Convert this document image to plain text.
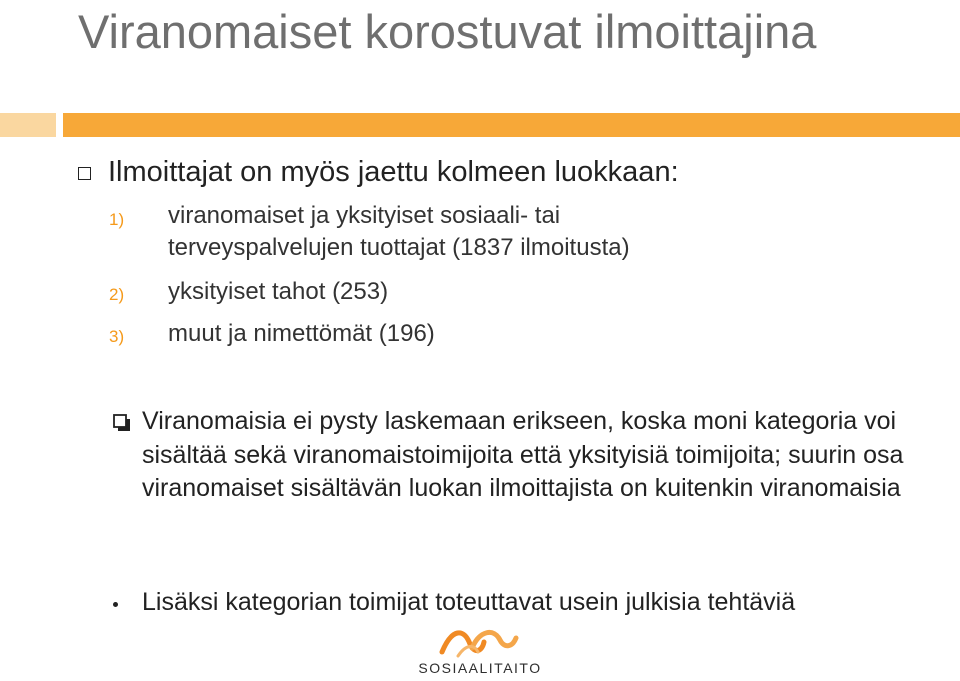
Viranomaiset korostuvat ilmoittajina
Ilmoittajat on myös jaettu kolmeen luokkaan:
1) viranomaiset ja yksityiset sosiaali- tai
terveyspalvelujen tuottajat (1837 ilmoitusta)
2) yksityiset tahot (253)
3) muut ja nimettömät (196)
Viranomaisia ei pysty laskemaan erikseen, koska moni kategoria voi sisältää sekä viranomaistoimijoita että yksityisiä toimijoita; suurin osa viranomaiset sisältävän luokan ilmoittajista on kuitenkin viranomaisia
Lisäksi kategorian toimijat toteuttavat usein julkisia tehtäviä
SOSIAALITAITO
